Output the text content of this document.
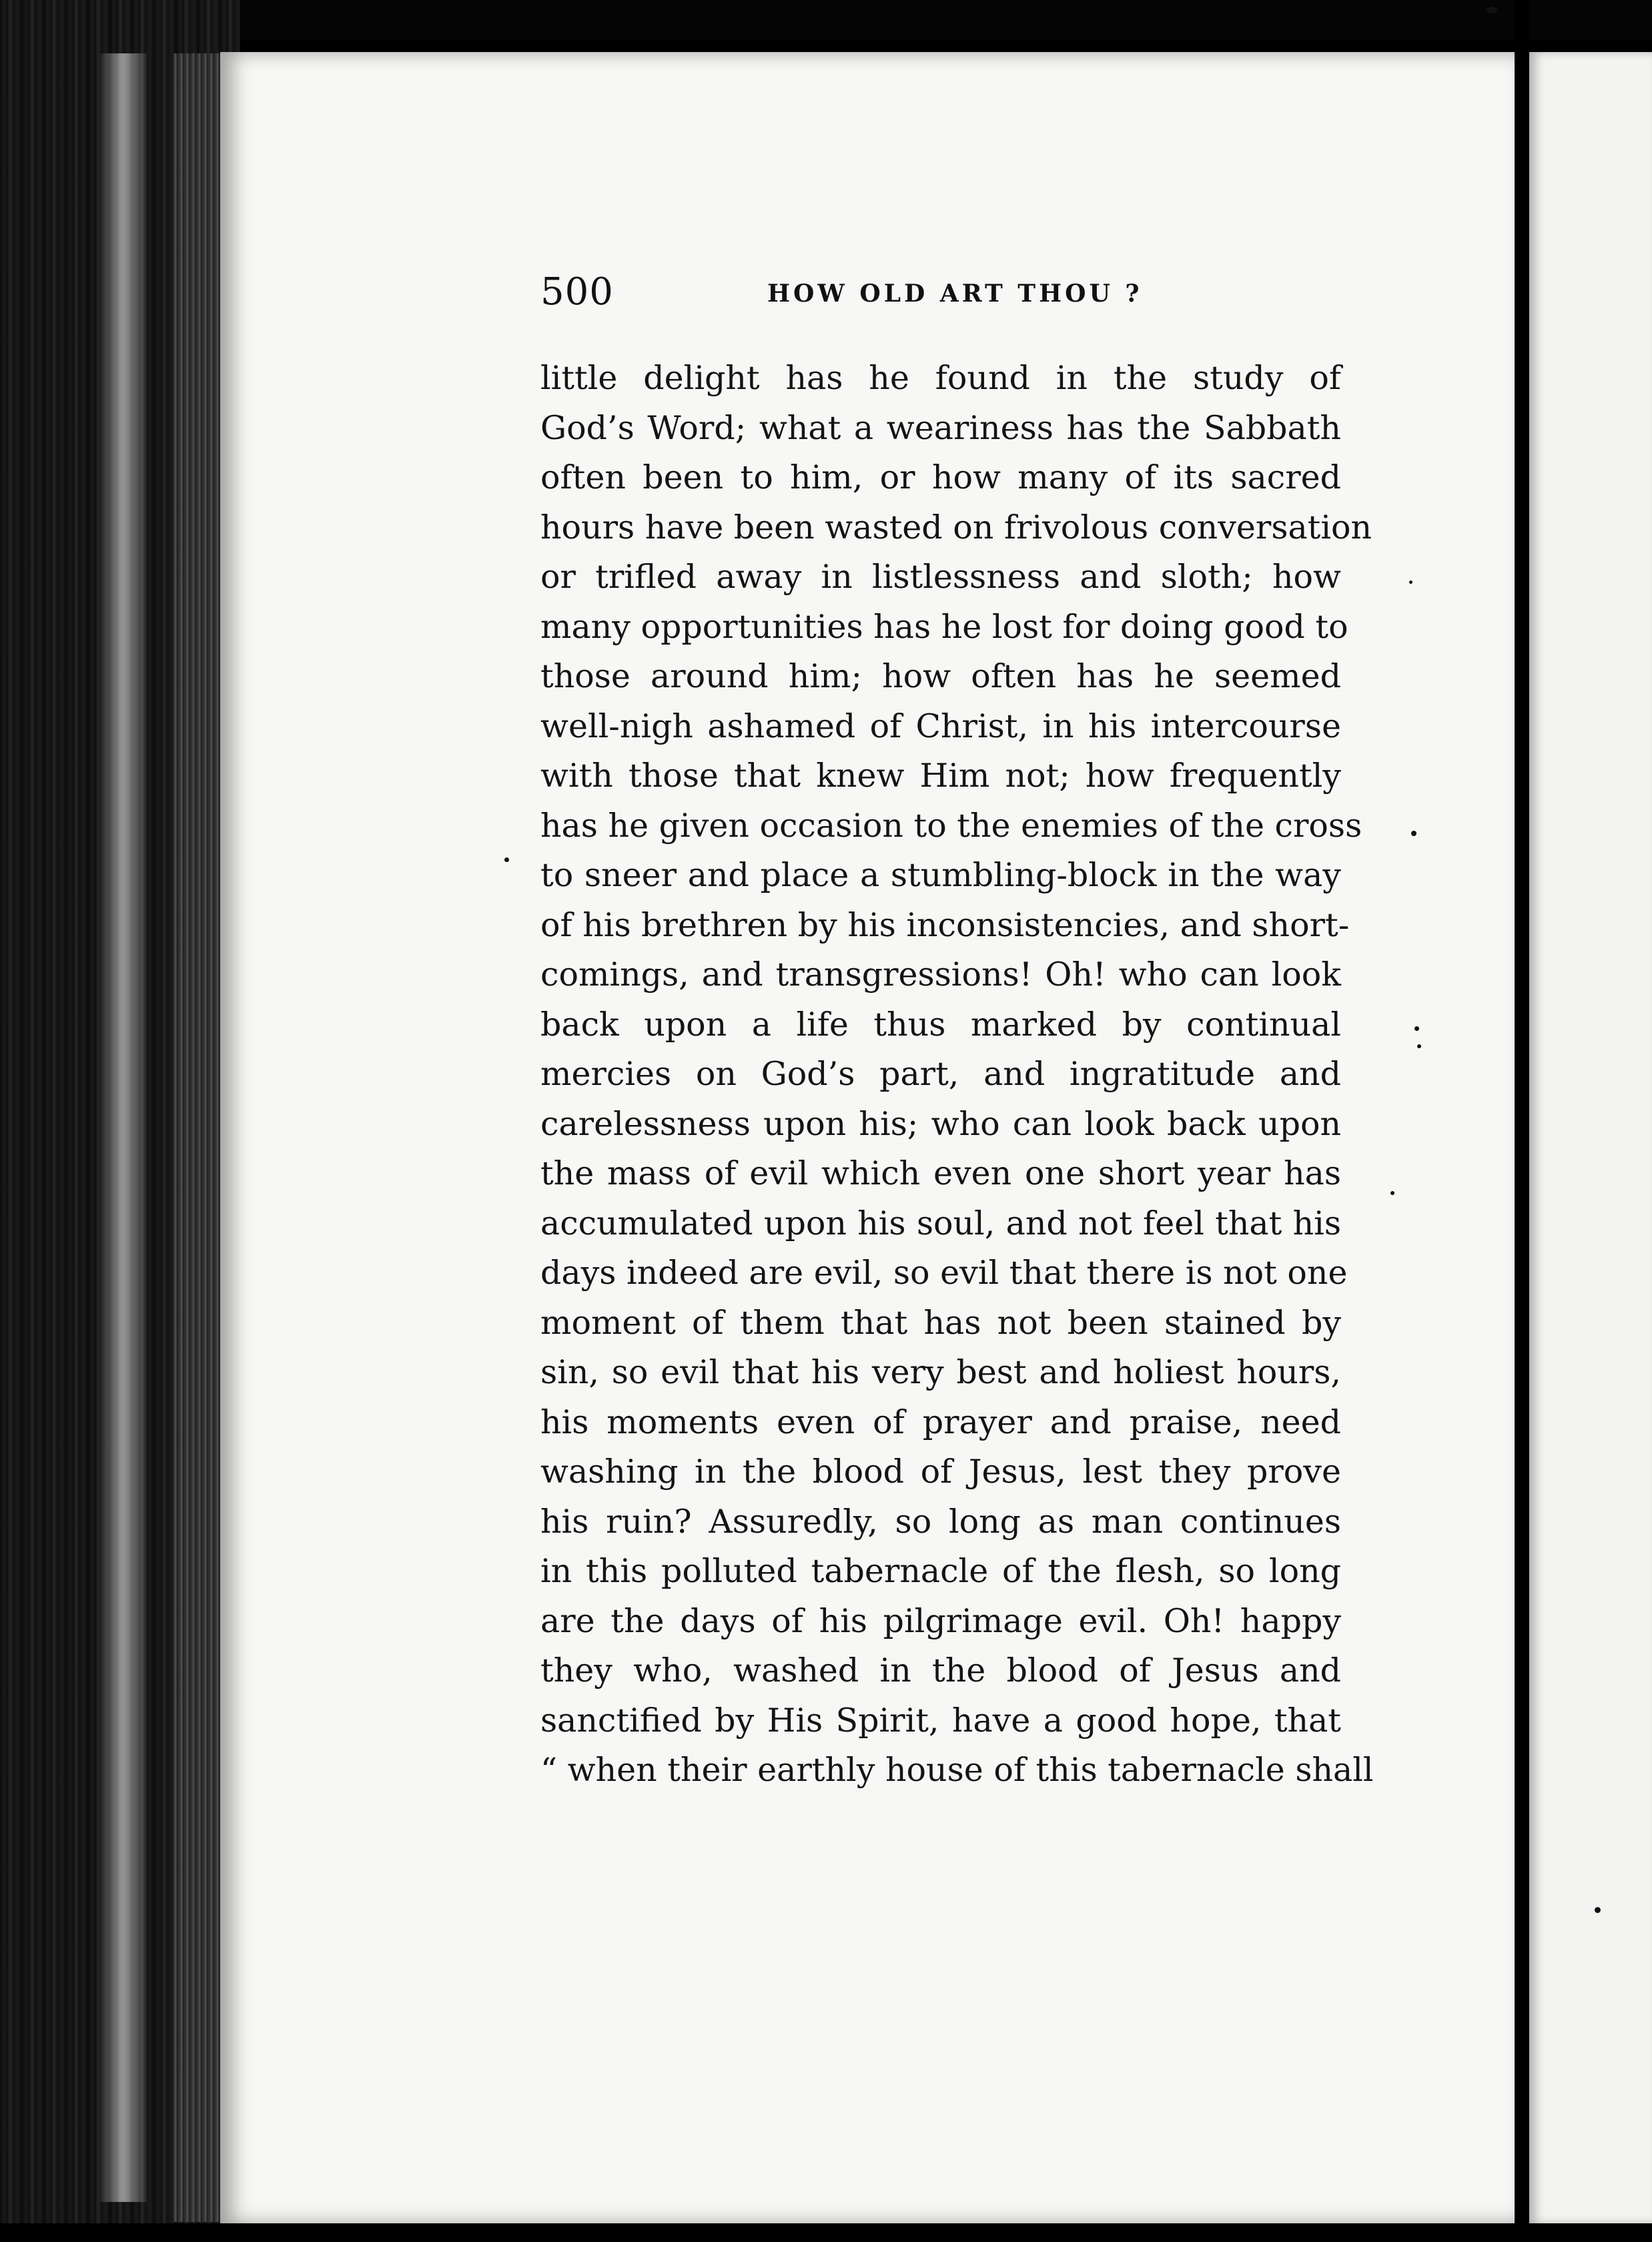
500	HOW OLD ART THOU ?
little delight has he found in the study of
God’s Word; what a weariness has the Sabbath
often been to him, or how many of its sacred
hours have been wasted on frivolous conversation
or trifled away in listlessness and sloth; how
many opportunities has he lost for doing good to
those around him; how often has he seemed
well-nigh ashamed of Christ, in his intercourse
with those that knew Him not; how frequently
has he given occasion to the enemies of the cross
to sneer and place a stumbling-block in the way
of his brethren by his inconsistencies, and short-
comings, and transgressions! Oh! who can look
back upon a life thus marked by continual
mercies on God’s part, and ingratitude and
carelessness upon his; who can look back upon
the mass of evil which even one short year has
accumulated upon his soul, and not feel that his
days indeed are evil, so evil that there is not one
moment of them that has not been stained by
sin, so evil that his very best and holiest hours,
his moments even of prayer and praise, need
washing in the blood of Jesus, lest they prove
his ruin? Assuredly, so long as man continues
in this polluted tabernacle of the flesh, so long
are the days of his pilgrimage evil. Oh! happy
they who, washed in the blood of Jesus and
sanctified by His Spirit, have a good hope, that
“ when their earthly house of this tabernacle shall
